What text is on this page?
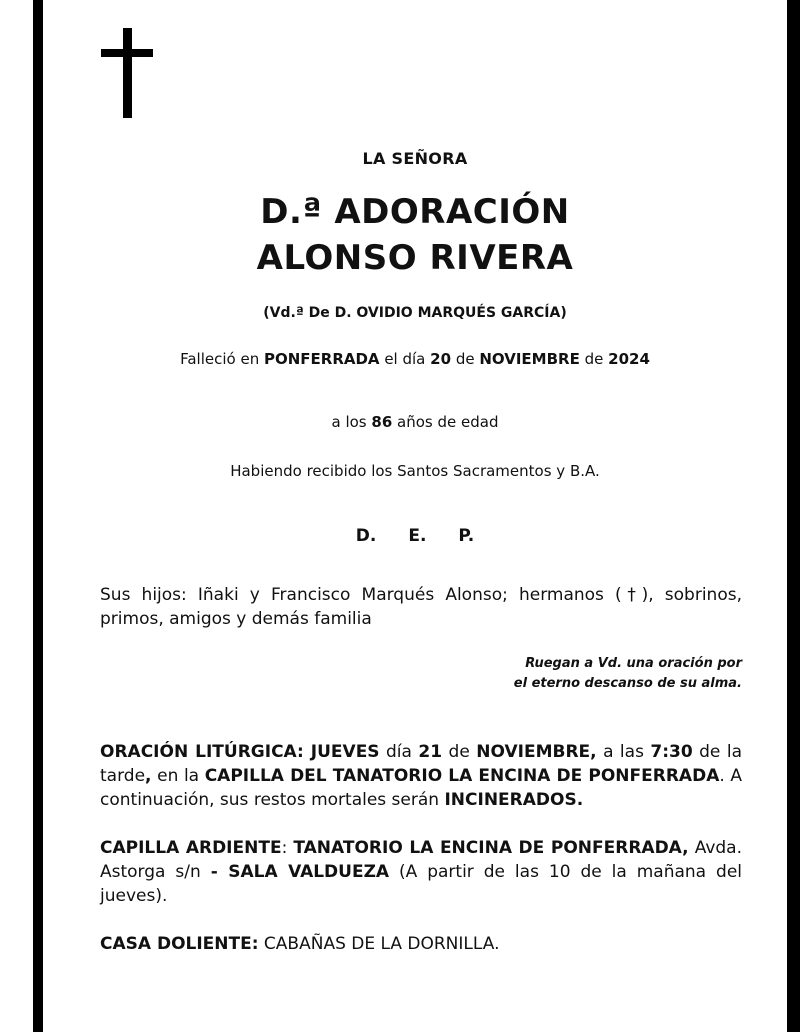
LA SEÑORA
D.ª ADORACIÓN
ALONSO RIVERA
(Vd.ª De D. OVIDIO MARQUÉS GARCÍA)
Falleció en PONFERRADA el día 20 de NOVIEMBRE de 2024
a los 86 años de edad
Habiendo recibido los Santos Sacramentos y B.A.
D. E. P.
Sus hijos: Iñaki y Francisco Marqués Alonso; hermanos (†), sobrinos, primos, amigos y demás familia
Ruegan a Vd. una oración por
el eterno descanso de su alma.
ORACIÓN LITÚRGICA: JUEVES día 21 de NOVIEMBRE, a las 7:30 de la tarde, en la CAPILLA DEL TANATORIO LA ENCINA DE PONFERRADA. A continuación, sus restos mortales serán INCINERADOS.
CAPILLA ARDIENTE: TANATORIO LA ENCINA DE PONFERRADA, Avda. Astorga s/n - SALA VALDUEZA (A partir de las 10 de la mañana del jueves).
CASA DOLIENTE: CABAÑAS DE LA DORNILLA.
